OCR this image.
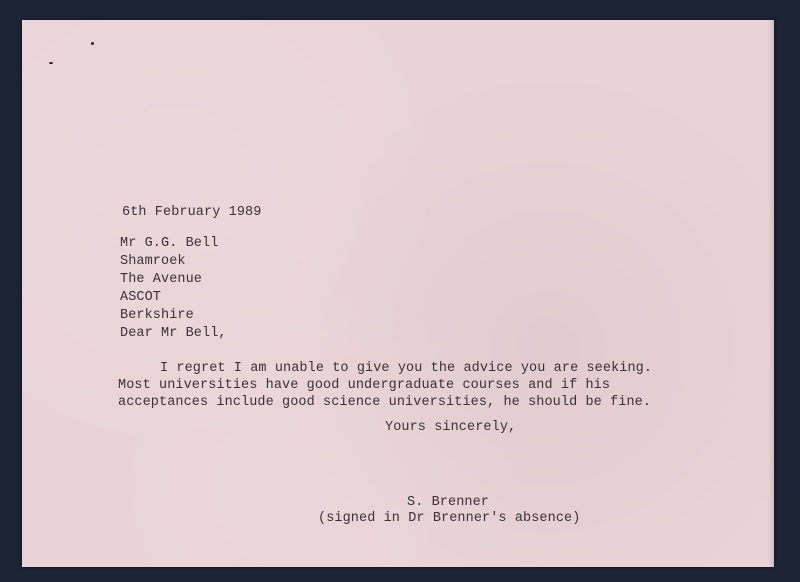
6th February 1989
Mr G.G. Bell
Shamroek
The Avenue
ASCOT
Berkshire
Dear Mr Bell,
I regret I am unable to give you the advice you are seeking.
Most universities have good undergraduate courses and if his
acceptances include good science universities, he should be fine.
Yours sincerely,
S. Brenner
(signed in Dr Brenner's absence)
